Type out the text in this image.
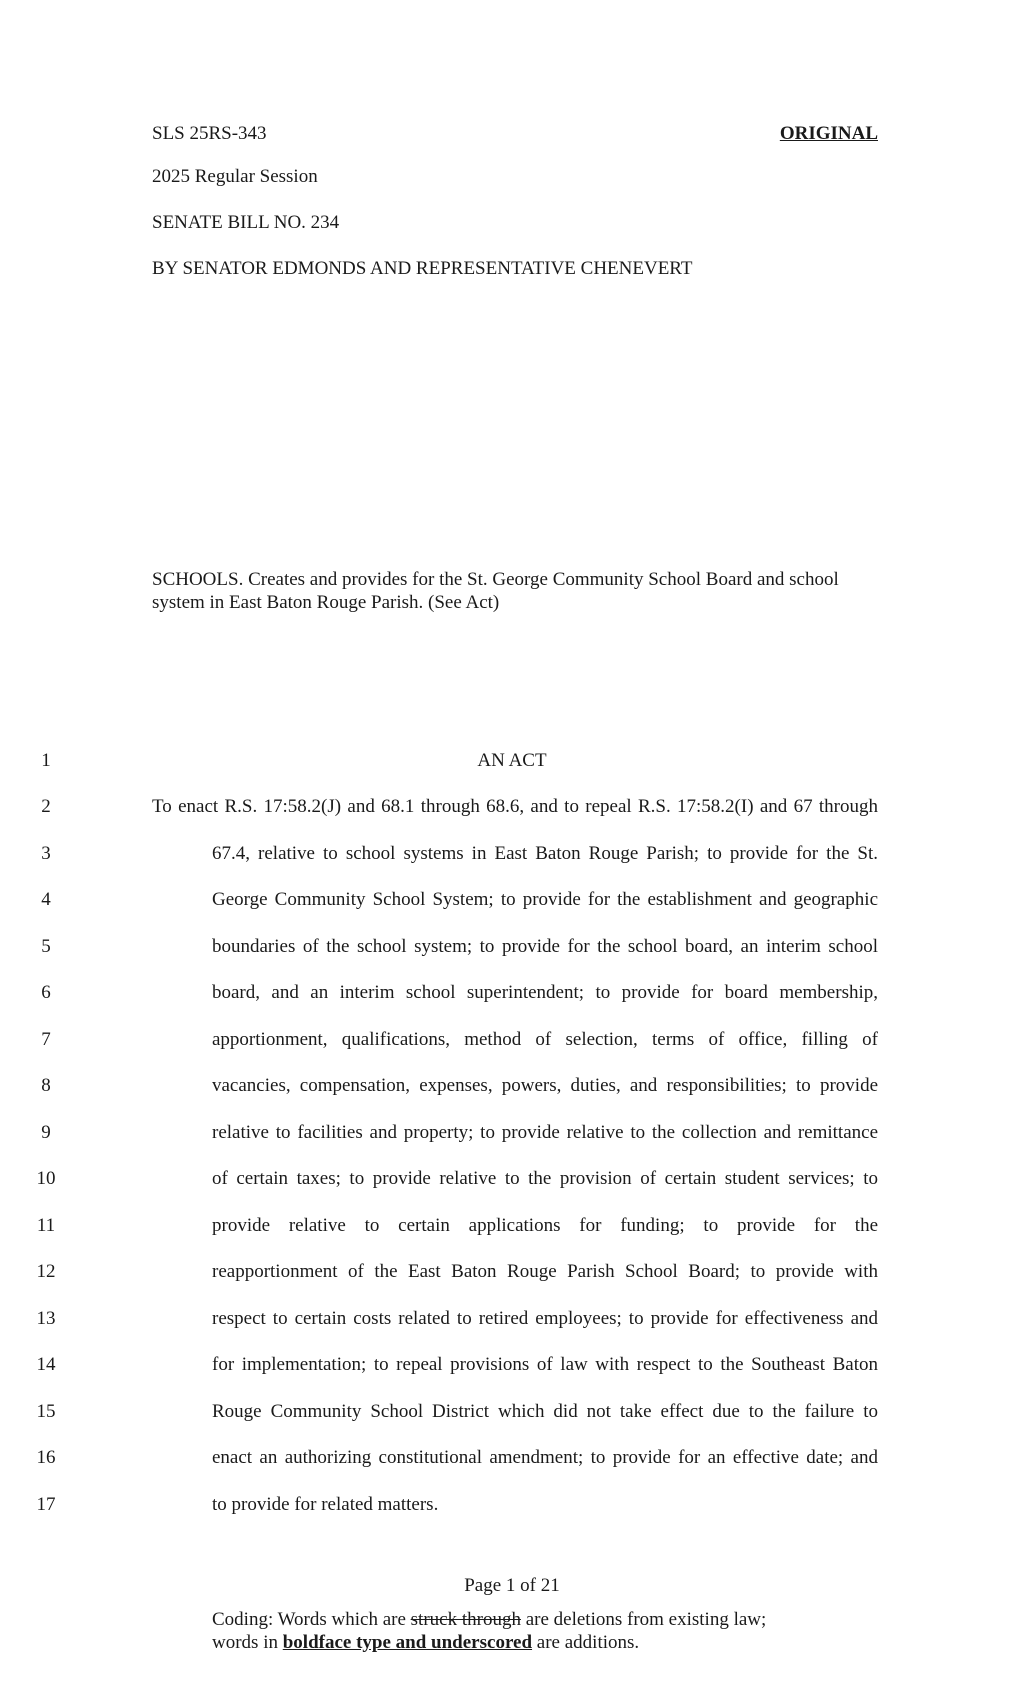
SLS 25RS-343	ORIGINAL
2025 Regular Session
SENATE BILL NO. 234
BY SENATOR EDMONDS AND REPRESENTATIVE CHENEVERT
SCHOOLS. Creates and provides for the St. George Community School Board and school system in East Baton Rouge Parish. (See Act)
1	AN ACT
2	To enact R.S. 17:58.2(J) and 68.1 through 68.6, and to repeal R.S. 17:58.2(I) and 67 through
3	67.4, relative to school systems in East Baton Rouge Parish; to provide for the St.
4	George Community School System; to provide for the establishment and geographic
5	boundaries of the school system; to provide for the school board, an interim school
6	board, and an interim school superintendent; to provide for board membership,
7	apportionment, qualifications, method of selection, terms of office, filling of
8	vacancies, compensation, expenses, powers, duties, and responsibilities; to provide
9	relative to facilities and property; to provide relative to the collection and remittance
10	of certain taxes; to provide relative to the provision of certain student services; to
11	provide relative to certain applications for funding; to provide for the
12	reapportionment of the East Baton Rouge Parish School Board; to provide with
13	respect to certain costs related to retired employees; to provide for effectiveness and
14	for implementation; to repeal provisions of law with respect to the Southeast Baton
15	Rouge Community School District which did not take effect due to the failure to
16	enact an authorizing constitutional amendment; to provide for an effective date; and
17	to provide for related matters.
Page 1 of 21
Coding: Words which are struck through are deletions from existing law;
words in boldface type and underscored are additions.
